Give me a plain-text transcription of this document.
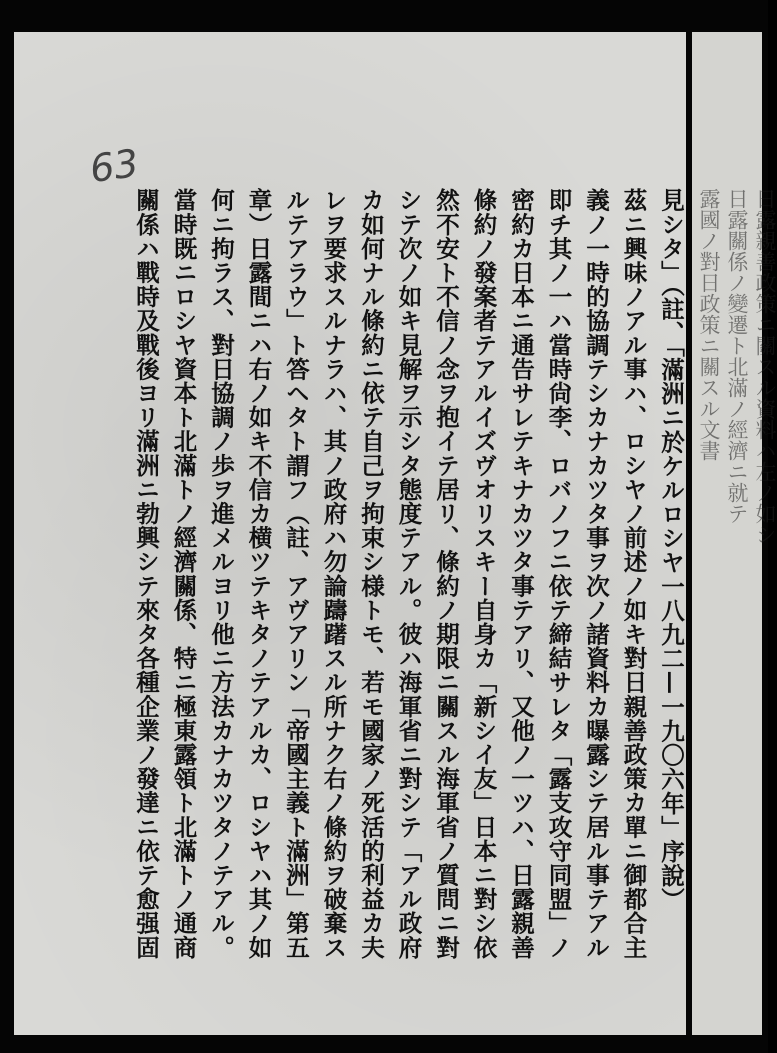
63
見シタ」（註、「滿洲ニ於ケルロシヤ一八九二—一九〇六年」序說）
茲ニ興味ノアル事ハ、ロシヤノ前述ノ如キ對日親善政策カ單ニ御都合主
義ノ一時的協調テシカナカツタ事ヲ次ノ諸資料カ曝露シテ居ル事テアル
即チ其ノ一ハ當時尙李、ロバノフニ依テ締結サレタ「露支攻守同盟」ノ
密約カ日本ニ通告サレテキナカツタ事テアリ、又他ノ一ツハ、日露親善
條約ノ發案者テアルイズヴオリスキー自身カ「新シイ友」日本ニ對シ依
然不安ト不信ノ念ヲ抱イテ居リ、條約ノ期限ニ關スル海軍省ノ質問ニ對
シテ次ノ如キ見解ヲ示シタ態度テアル。彼ハ海軍省ニ對シテ「アル政府
カ如何ナル條約ニ依テ自己ヲ拘束シ様トモ、若モ國家ノ死活的利益カ夫
レヲ要求スルナラハ、其ノ政府ハ勿論躊躇スル所ナク右ノ條約ヲ破棄ス
ルテアラウ」ト答ヘタト謂フ（註、アヴアリン「帝國主義ト滿洲」第五
章）日露間ニハ右ノ如キ不信カ横ツテキタノテアルカ、ロシヤハ其ノ如
何ニ拘ラス、對日協調ノ歩ヲ進メルヨリ他ニ方法カナカツタノテアル。
當時既ニロシヤ資本ト北滿トノ經濟關係、特ニ極東露領ト北滿トノ通商
關係ハ戰時及戰後ヨリ滿洲ニ勃興シテ來タ各種企業ノ發達ニ依テ愈强固	日露親善政策ニ關スル資料ハ左ノ如シ
日露關係ノ變遷ト北滿ノ經濟ニ就テ
露國ノ對日政策ニ關スル文書
